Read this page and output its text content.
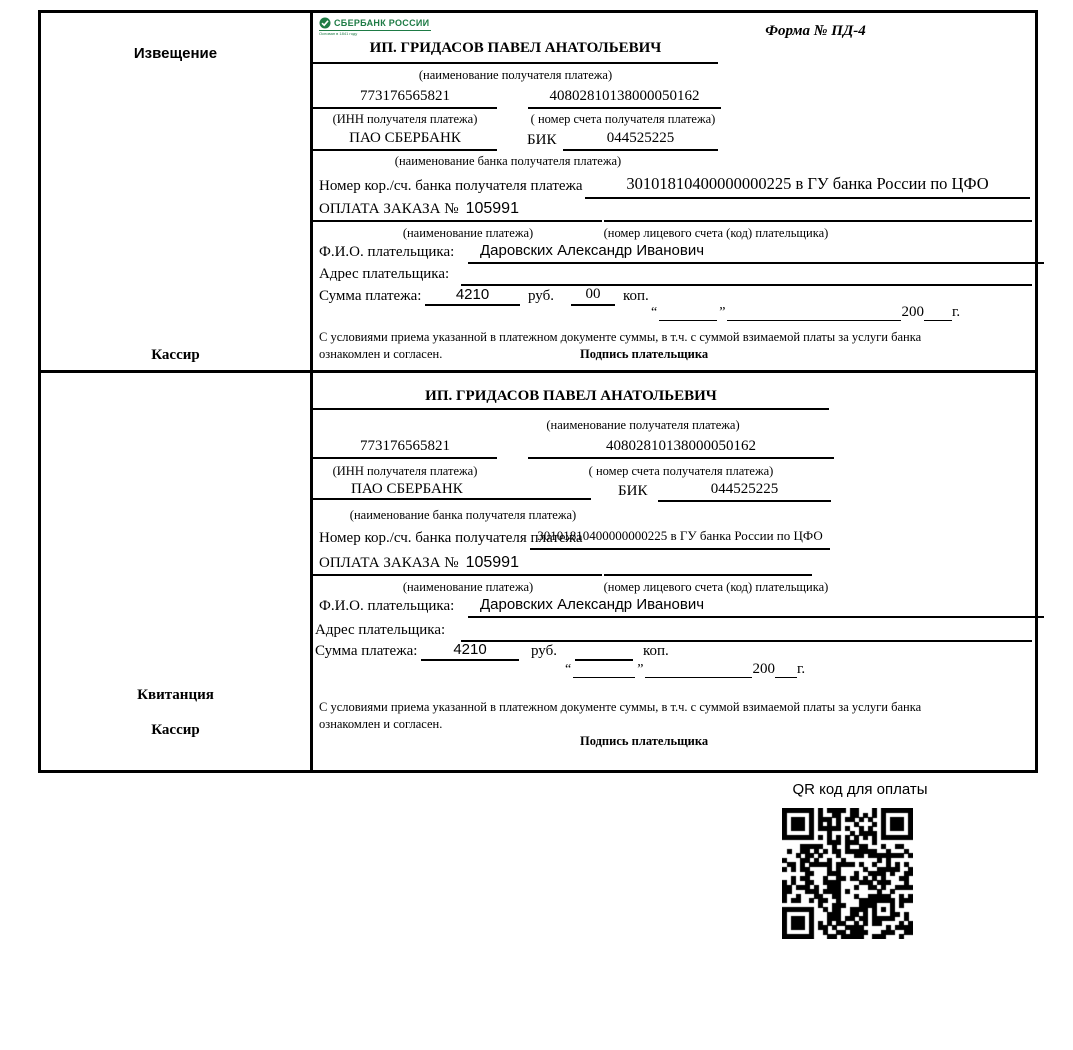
Извещение
Кассир
Квитанция
Кассир
СБЕРБАНК РОССИИ
Основан в 1841 году	Форма № ПД-4
ИП. ГРИДАСОВ ПАВЕЛ АНАТОЛЬЕВИЧ
(наименование получателя платежа)
773176565821	40802810138000050162
(ИНН получателя платежа)	( номер счета получателя платежа)
ПАО СБЕРБАНК	БИК	044525225
(наименование банка получателя платежа)
Номер кор./сч. банка получателя платежа	30101810400000000225 в ГУ банка России по ЦФО
ОПЛАТА ЗАКАЗА № 105991
(наименование платежа)	(номер лицевого счета (код) плательщика)
Ф.И.О. плательщика:	Даровских Александр Иванович
Адрес плательщика:
Сумма платежа:	4210	руб.	00	коп.
“	”	200 г.
С условиями приема указанной в платежном документе суммы, в т.ч. с суммой взимаемой платы за услуги банка
ознакомлен и согласен.	Подпись плательщика
ИП. ГРИДАСОВ ПАВЕЛ АНАТОЛЬЕВИЧ
(наименование получателя платежа)
773176565821	40802810138000050162
(ИНН получателя платежа)	( номер счета получателя платежа)
ПАО СБЕРБАНК	БИК	044525225
(наименование банка получателя платежа)
Номер кор./сч. банка получателя платежа
30101810400000000225 в ГУ банка России по ЦФО
ОПЛАТА ЗАКАЗА № 105991
(наименование платежа)	(номер лицевого счета (код) плательщика)
Ф.И.О. плательщика:	Даровских Александр Иванович
Адрес плательщика:
Сумма платежа:	4210	руб.	коп.
“	”	200 г.
С условиями приема указанной в платежном документе суммы, в т.ч. с суммой взимаемой платы за услуги банка
ознакомлен и согласен.
Подпись плательщика
QR код для оплаты
